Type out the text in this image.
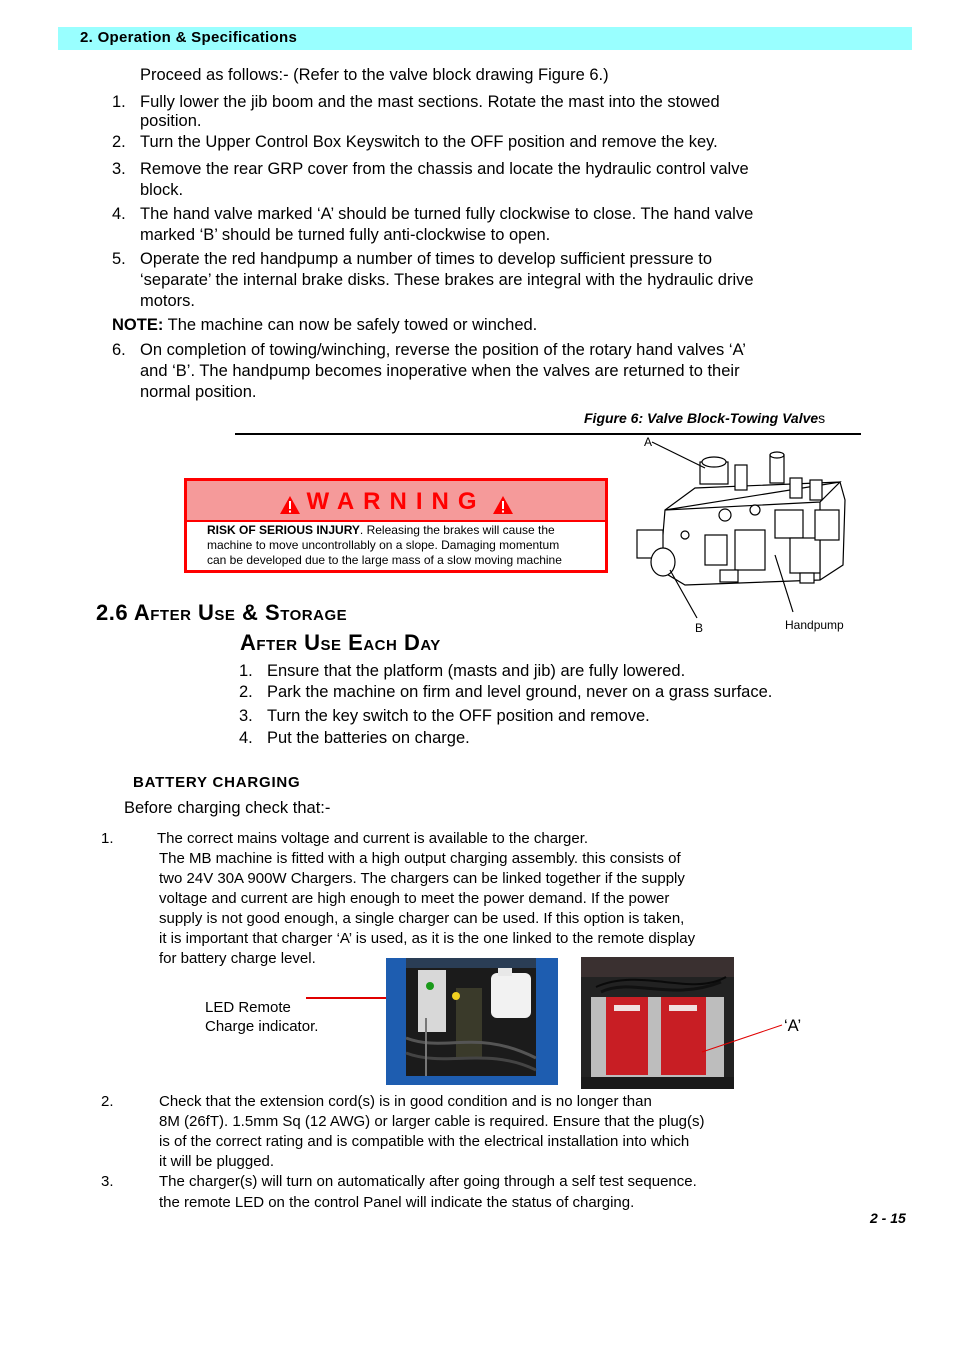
2. Operation & Specifications
Proceed as follows:- (Refer to the valve block drawing Figure 6.)
1. Fully lower the jib boom and the mast sections. Rotate the mast into the stowed
position.
2. Turn the Upper Control Box Keyswitch to the OFF position and remove the key.
3. Remove the rear GRP cover from the chassis and locate the hydraulic control valve
block.
4. The hand valve marked ‘A’ should be turned fully clockwise to close. The hand valve
marked ‘B’ should be turned fully anti-clockwise to open.
5. Operate the red handpump a number of times to develop sufficient pressure to
‘separate’ the internal brake disks. These brakes are integral with the hydraulic drive
motors.
NOTE: The machine can now be safely towed or winched.
6. On completion of towing/winching, reverse the position of the rotary hand valves ‘A’
and ‘B’. The handpump becomes inoperative when the valves are returned to their
normal position.
Figure 6: Valve Block-Towing Valves
A
B	Handpump
WARNING
RISK OF SERIOUS INJURY. Releasing the brakes will cause the
machine to move uncontrollably on a slope. Damaging momentum
can be developed due to the large mass of a slow moving machine
2.6 After Use & Storage
After Use Each Day
1. Ensure that the platform (masts and jib) are fully lowered.
2. Park the machine on firm and level ground, never on a grass surface.
3. Turn the key switch to the OFF position and remove.
4. Put the batteries on charge.
BATTERY CHARGING
Before charging check that:-
1.	The correct mains voltage and current is available to the charger.
The MB machine is fitted with a high output charging assembly. this consists of
two 24V 30A 900W Chargers. The chargers can be linked together if the supply
voltage and current are high enough to meet the power demand. If the power
supply is not good enough, a single charger can be used. If this option is taken,
it is important that charger ‘A’ is used, as it is the one linked to the remote display
for battery charge level.
LED Remote
Charge indicator.	‘A’
2.	Check that the extension cord(s) is in good condition and is no longer than
8M (26fT). 1.5mm Sq (12 AWG) or larger cable is required. Ensure that the plug(s)
is of the correct rating and is compatible with the electrical installation into which
it will be plugged.
3.	The charger(s) will turn on automatically after going through a self test sequence.
the remote LED on the control Panel will indicate the status of charging.
2 - 15
